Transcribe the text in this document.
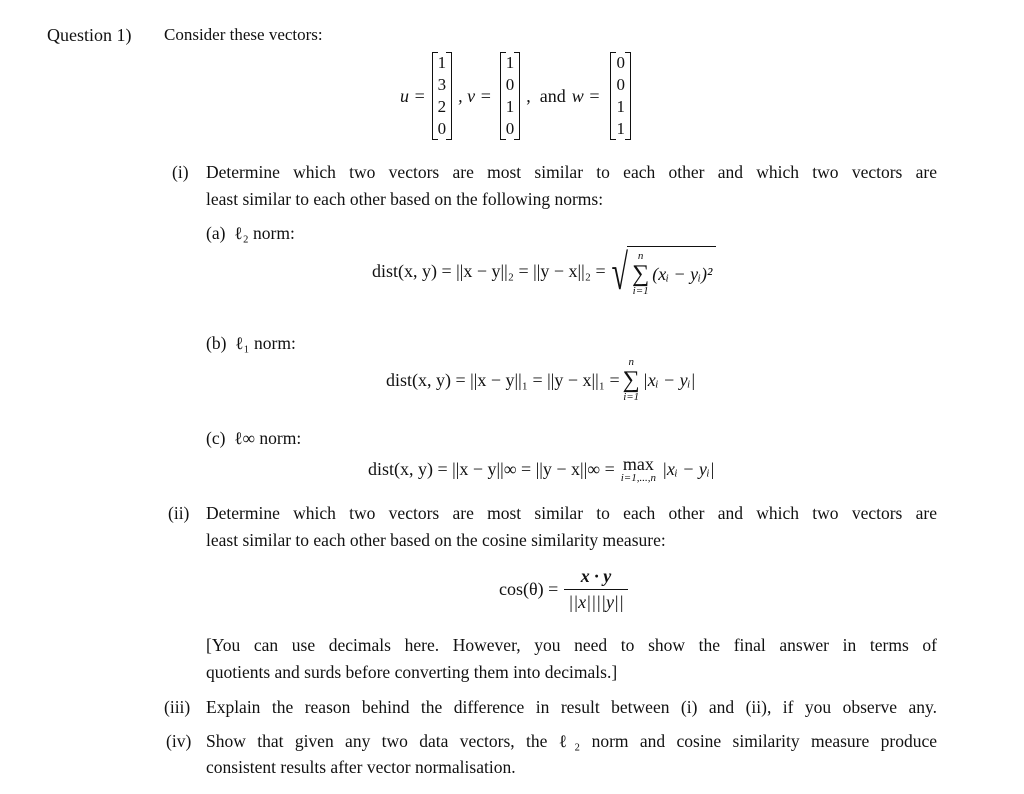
Question 1) Consider these vectors:
u =
1
3
2
0
, v =
1
0
1
0
,  and w =
0
0
1
1
(i) Determine which two vectors are most similar to each other and which two vectors are
least similar to each other based on the following norms:
(a) ℓ₂ norm:
dist(x, y) = ||x − y||₂ = ||y − x||₂ = √ n
∑
i=1
(xᵢ − yᵢ)²
(b) ℓ₁ norm:
dist(x, y) = ||x − y||₁ = ||y − x||₁ =
n
∑
i=1
|xᵢ − yᵢ|
(c) ℓ∞ norm:
dist(x, y) = ||x − y||∞ = ||y − x||∞ = max
i=1,...,n |xᵢ − yᵢ|
(ii) Determine which two vectors are most similar to each other and which two vectors are
least similar to each other based on the cosine similarity measure:
$\cos(\theta) = \frac{x \cdot y}{||x||||y||}$
[You can use decimals here. However, you need to show the final answer in terms of
quotients and surds before converting them into decimals.]
(iii) Explain the reason behind the difference in result between (i) and (ii), if you observe any.
(iv) Show that given any two data vectors, the ℓ₂ norm and cosine similarity measure produce
consistent results after vector normalisation.
